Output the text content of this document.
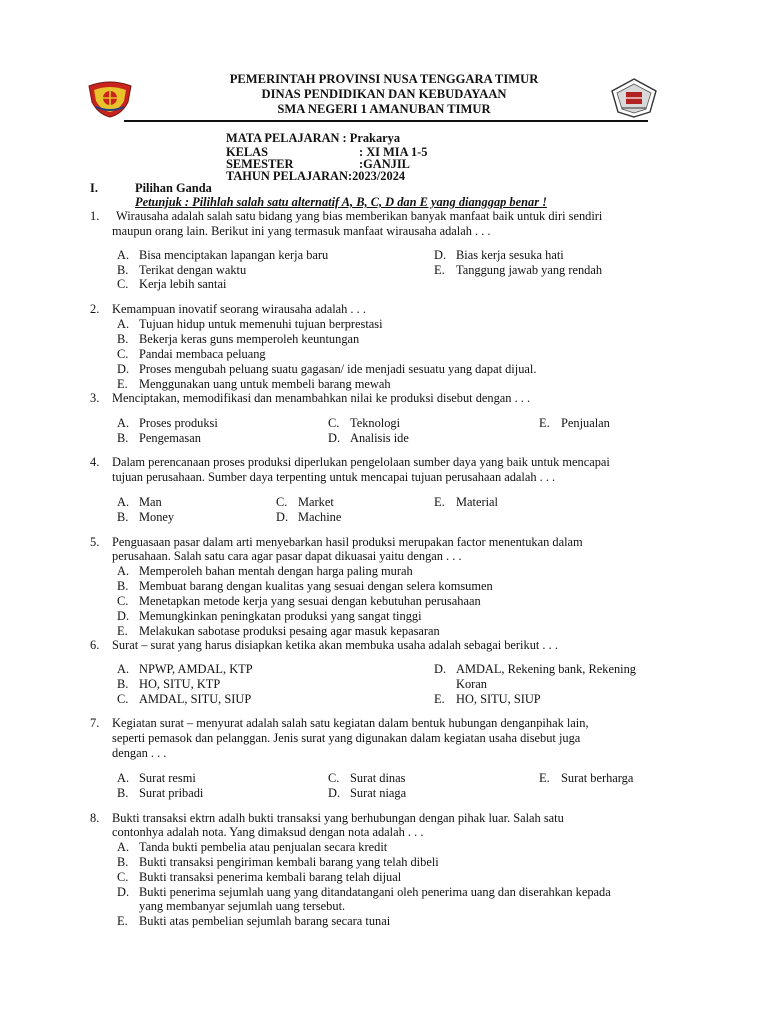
PEMERINTAH PROVINSI NUSA TENGGARA TIMUR
DINAS PENDIDIKAN DAN KEBUDAYAAN
SMA NEGERI 1 AMANUBAN TIMUR
MATA PELAJARAN : Prakarya
KELAS	: XI MIA 1-5
SEMESTER	:GANJIL
TAHUN PELAJARAN:2023/2024
I.	Pilihan Ganda
Petunjuk : Pilihlah salah satu alternatif A, B, C, D dan E yang dianggap benar !
1. Wirausaha adalah salah satu bidang yang bias memberikan banyak manfaat baik untuk diri sendiri
maupun orang lain. Berikut ini yang termasuk manfaat wirausaha adalah . . .
A. Bisa menciptakan lapangan kerja baru
B. Terikat dengan waktu
C. Kerja lebih santai
D. Bias kerja sesuka hati
E. Tanggung jawab yang rendah
2. Kemampuan inovatif seorang wirausaha adalah . . .
A. Tujuan hidup untuk memenuhi tujuan berprestasi
B. Bekerja keras guns memperoleh keuntungan
C. Pandai membaca peluang
D. Proses mengubah peluang suatu gagasan/ ide menjadi sesuatu yang dapat dijual.
E. Menggunakan uang untuk membeli barang mewah
3. Menciptakan, memodifikasi dan menambahkan nilai ke produksi disebut dengan . . .
A. Proses produksi
B. Pengemasan
C. Teknologi
D. Analisis ide
E. Penjualan
4. Dalam perencanaan proses produksi diperlukan pengelolaan sumber daya yang baik untuk mencapai
tujuan perusahaan. Sumber daya terpenting untuk mencapai tujuan perusahaan adalah . . .
A. Man
B. Money
C. Market
D. Machine
E. Material
5. Penguasaan pasar dalam arti menyebarkan hasil produksi merupakan factor menentukan dalam
perusahaan. Salah satu cara agar pasar dapat dikuasai yaitu dengan . . .
A. Memperoleh bahan mentah dengan harga paling murah
B. Membuat barang dengan kualitas yang sesuai dengan selera komsumen
C. Menetapkan metode kerja yang sesuai dengan kebutuhan perusahaan
D. Memungkinkan peningkatan produksi yang sangat tinggi
E. Melakukan sabotase produksi pesaing agar masuk kepasaran
6. Surat – surat yang harus disiapkan ketika akan membuka usaha adalah sebagai berikut . . .
A. NPWP, AMDAL, KTP
B. HO, SITU, KTP
C. AMDAL, SITU, SIUP
D. AMDAL, Rekening bank, Rekening
Koran
E. HO, SITU, SIUP
7. Kegiatan surat – menyurat adalah salah satu kegiatan dalam bentuk hubungan denganpihak lain,
seperti pemasok dan pelanggan. Jenis surat yang digunakan dalam kegiatan usaha disebut juga
dengan . . .
A. Surat resmi
B. Surat pribadi
C. Surat dinas
D. Surat niaga
E. Surat berharga
8. Bukti transaksi ektrn adalh bukti transaksi yang berhubungan dengan pihak luar. Salah satu
contonhya adalah nota. Yang dimaksud dengan nota adalah . . .
A. Tanda bukti pembelia atau penjualan secara kredit
B. Bukti transaksi pengiriman kembali barang yang telah dibeli
C. Bukti transaksi penerima kembali barang telah dijual
D. Bukti penerima sejumlah uang yang ditandatangani oleh penerima uang dan diserahkan kepada
yang membanyar sejumlah uang tersebut.
E. Bukti atas pembelian sejumlah barang secara tunai
